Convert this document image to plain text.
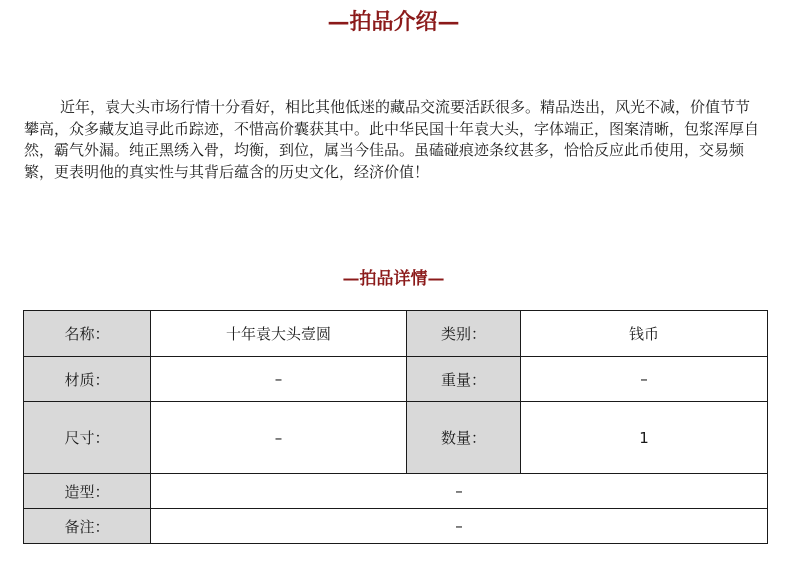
—拍品介绍—
近年，袁大头市场行情十分看好，相比其他低迷的藏品交流要活跃很多。精品迭出，风光不减，价值节节攀高，众多藏友追寻此币踪迹，不惜高价囊获其中。此中华民国十年袁大头，字体端正，图案清晰，包浆浑厚自然，霸气外漏。纯正黑绣入骨，均衡，到位，属当今佳品。虽磕碰痕迹条纹甚多，恰恰反应此币使用，交易频繁，更表明他的真实性与其背后蕴含的历史文化，经济价值！
—拍品详情—
名称：	十年袁大头壹圆	类别：	钱币
材质：	–	重量：	–
尺寸：	–	数量：	1
造型：	–		
备注：	–		
